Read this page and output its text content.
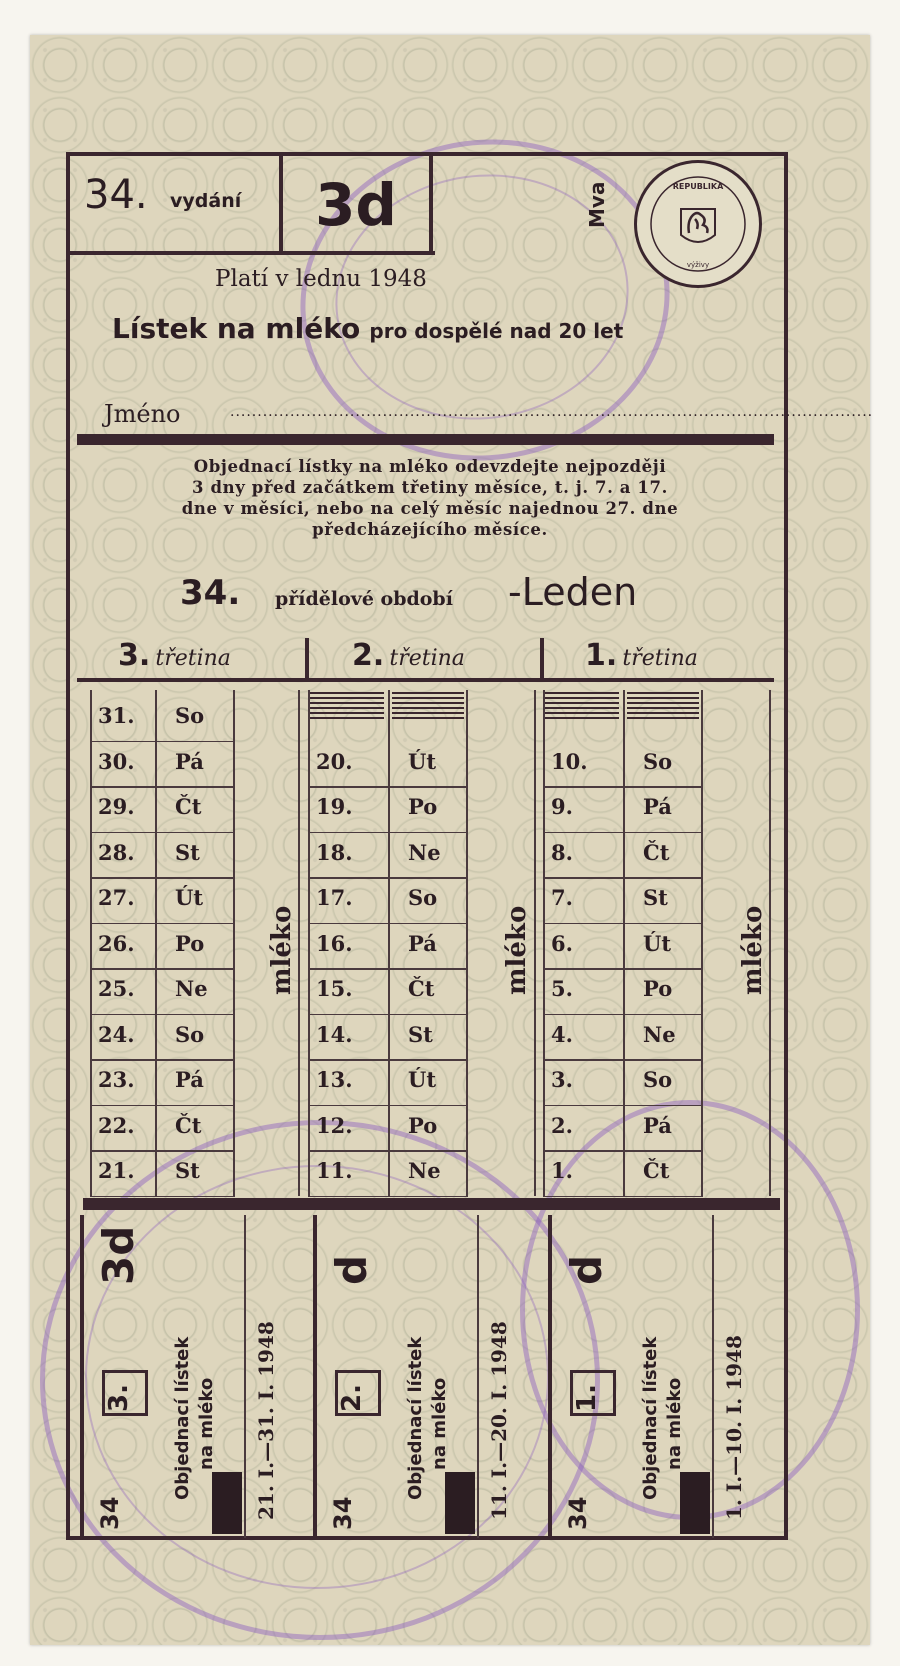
34. vydání 3d	Mva	REPUBLIKA
výživy
Platí v lednu 1948
Lístek na mléko pro dospělé nad 20 let
Jméno	......................................................................................................................
Objednací lístky na mléko odevzdejte nejpozději
3 dny před začátkem třetiny měsíce, t. j. 7. a 17.
dne v měsíci, nebo na celý měsíc najednou 27. dne
předcházejícího měsíce.
34. přídělové období -Leden
3. třetina	2. třetina	1. třetina
31. So
30. Pá
29. Čt
28. St
27. Út
26. Po
25. Ne
24. So
23. Pá
22. Čt
21. St
20.	Út
19.	Po
18.	Ne
17.	So
16.	Pá
15.	Čt
14.	St
13.	Út
12.	Po
11.	Ne
10.	So
9.	Pá
8.	Čt
7.	St
6.	Út
5.	Po
4.	Ne
3.	So
2.	Pá
1.	Čt
mléko	mléko	mléko
3d
3.
34
Objednací lístek na mléko 21. I.—31. I. 1948
d
2.
34
Objednací lístek na mléko 11. I.—20. I. 1948
d
1.
34
Objednací lístek na mléko 1. I.—10. I. 1948
